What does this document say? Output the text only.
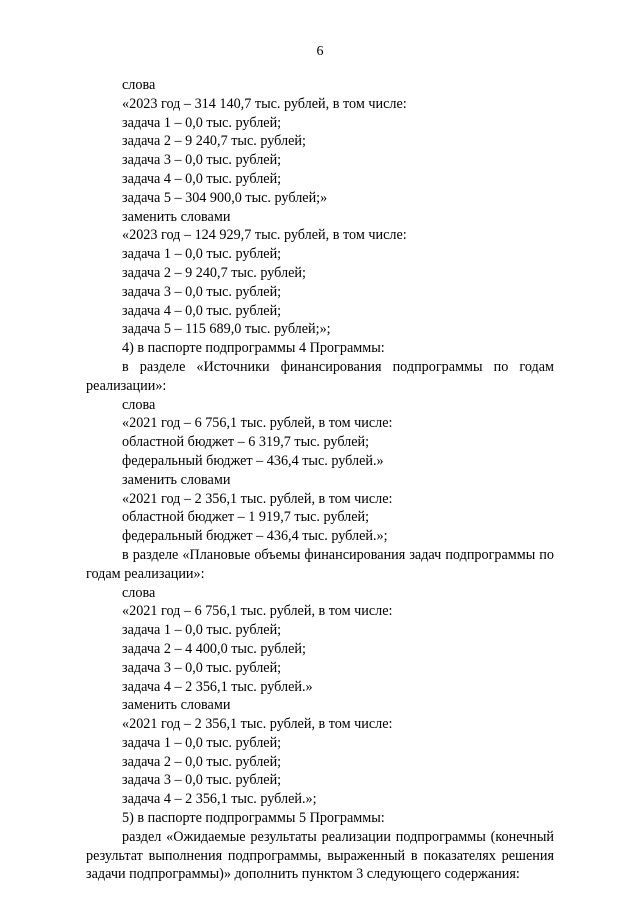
6

слова

«2023 год – 314 140,7 тыс. рублей, в том числе:

задача 1 – 0,0 тыс. рублей;

задача 2 – 9 240,7 тыс. рублей;

задача 3 – 0,0 тыс. рублей;

задача 4 – 0,0 тыс. рублей;

задача 5 – 304 900,0 тыс. рублей;»

заменить словами

«2023 год – 124 929,7 тыс. рублей, в том числе:

задача 1 – 0,0 тыс. рублей;

задача 2 – 9 240,7 тыс. рублей;

задача 3 – 0,0 тыс. рублей;

задача 4 – 0,0 тыс. рублей;

задача 5 – 115 689,0 тыс. рублей;»;

4) в паспорте подпрограммы 4 Программы:

в разделе «Источники финансирования подпрограммы по годам реализации»:

слова

«2021 год – 6 756,1 тыс. рублей, в том числе:

областной бюджет – 6 319,7 тыс. рублей;

федеральный бюджет – 436,4 тыс. рублей.»

заменить словами

«2021 год – 2 356,1 тыс. рублей, в том числе:

областной бюджет – 1 919,7 тыс. рублей;

федеральный бюджет – 436,4 тыс. рублей.»;

в разделе «Плановые объемы финансирования задач подпрограммы по годам реализации»:

слова

«2021 год – 6 756,1 тыс. рублей, в том числе:

задача 1 – 0,0 тыс. рублей;

задача 2 – 4 400,0 тыс. рублей;

задача 3 – 0,0 тыс. рублей;

задача 4 – 2 356,1 тыс. рублей.»

заменить словами

«2021 год – 2 356,1 тыс. рублей, в том числе:

задача 1 – 0,0 тыс. рублей;

задача 2 – 0,0 тыс. рублей;

задача 3 – 0,0 тыс. рублей;

задача 4 – 2 356,1 тыс. рублей.»;

5) в паспорте подпрограммы 5 Программы:

раздел «Ожидаемые результаты реализации подпрограммы (конечный результат выполнения подпрограммы, выраженный в показателях решения задачи подпрограммы)» дополнить пунктом 3 следующего содержания:
